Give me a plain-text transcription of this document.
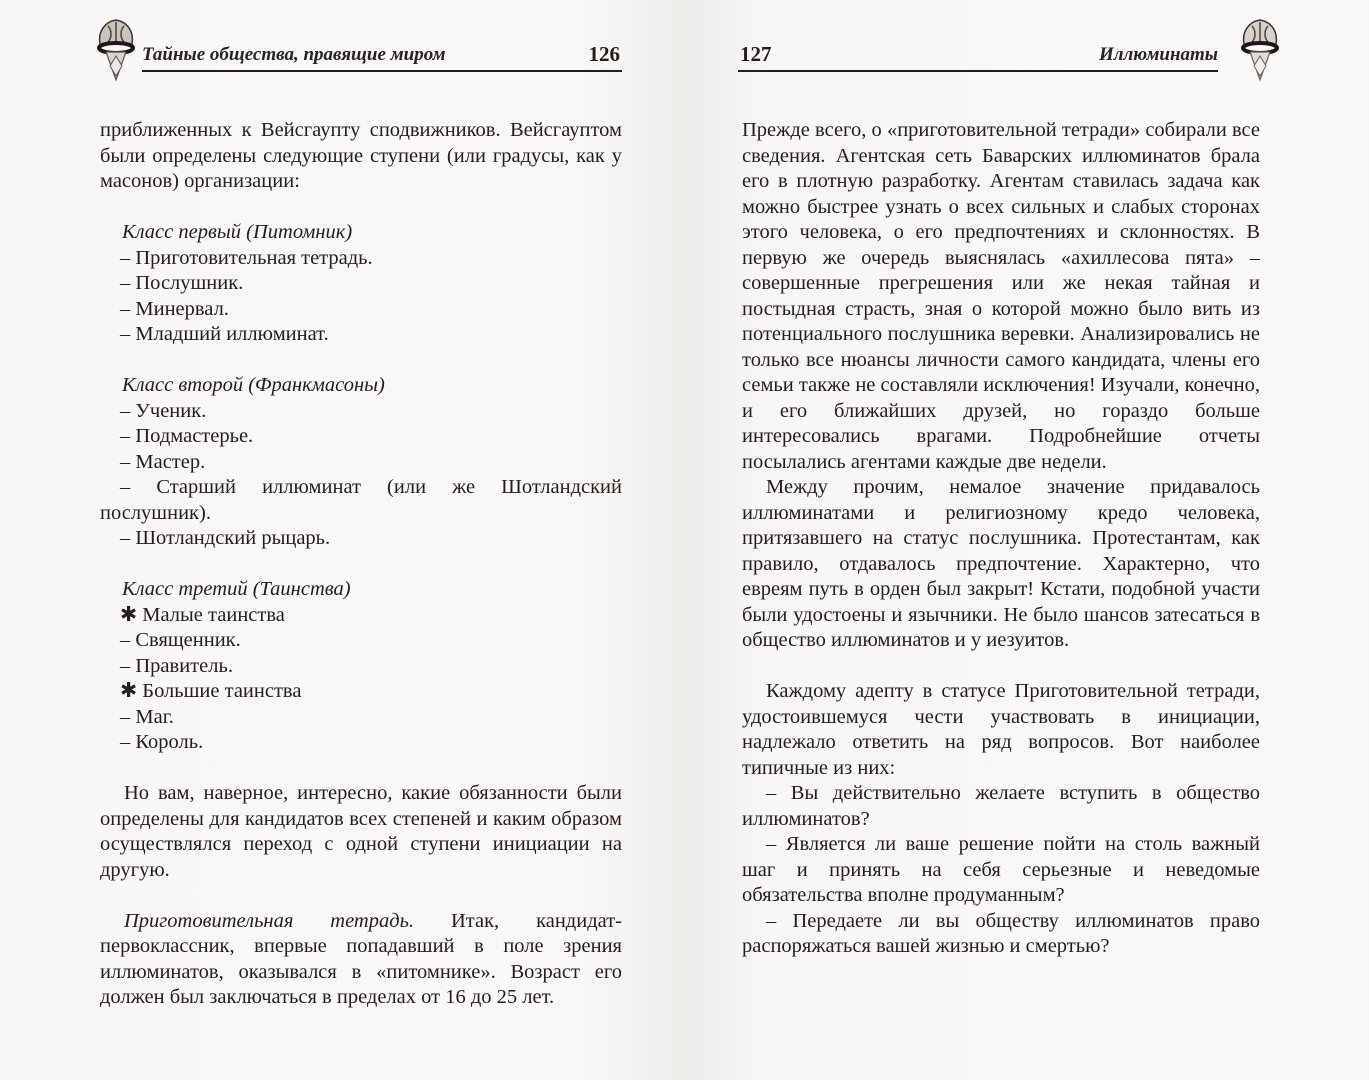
Тайные общества, правящие миром	126

приближенных к Вейсгаупту сподвижников. Вейсгауптом были определены следующие ступени (или градусы, как у масонов) организации:

Класс первый (Питомник)

– Приготовительная тетрадь.

– Послушник.

– Минервал.

– Младший иллюминат.

Класс второй (Франкмасоны)

– Ученик.

– Подмастерье.

– Мастер.

– Старший иллюминат (или же Шотландский послушник).

– Шотландский рыцарь.

Класс третий (Таинства)

✱ Малые таинства

– Священник.

– Правитель.

✱ Большие таинства

– Маг.

– Король.

Но вам, наверное, интересно, какие обязанности были определены для кандидатов всех степеней и каким образом осуществлялся переход с одной ступени инициации на другую.

Приготовительная тетрадь. Итак, кандидат-первоклассник, впервые попадавший в поле зрения иллюминатов, оказывался в «питомнике». Возраст его должен был заключаться в пределах от 16 до 25 лет.

127	Иллюминаты

Прежде всего, о «приготовительной тетради» собирали все сведения. Агентская сеть Баварских иллюминатов брала его в плотную разработку. Агентам ставилась задача как можно быстрее узнать о всех сильных и слабых сторонах этого человека, о его предпочтениях и склонностях. В первую же очередь выяснялась «ахиллесова пята» – совершенные прегрешения или же некая тайная и постыдная страсть, зная о которой можно было вить из потенциального послушника веревки. Анализировались не только все нюансы личности самого кандидата, члены его семьи также не составляли исключения! Изучали, конечно, и его ближайших друзей, но гораздо больше интересовались врагами. Подробнейшие отчеты посылались агентами каждые две недели.

Между прочим, немалое значение придавалось иллюминатами и религиозному кредо человека, притязавшего на статус послушника. Протестантам, как правило, отдавалось предпочтение. Характерно, что евреям путь в орден был закрыт! Кстати, подобной участи были удостоены и язычники. Не было шансов затесаться в общество иллюминатов и у иезуитов.

Каждому адепту в статусе Приготовительной тетради, удостоившемуся чести участвовать в инициации, надлежало ответить на ряд вопросов. Вот наиболее типичные из них:

– Вы действительно желаете вступить в общество иллюминатов?

– Является ли ваше решение пойти на столь важный шаг и принять на себя серьезные и неведомые обязательства вполне продуманным?

– Передаете ли вы обществу иллюминатов право распоряжаться вашей жизнью и смертью?
